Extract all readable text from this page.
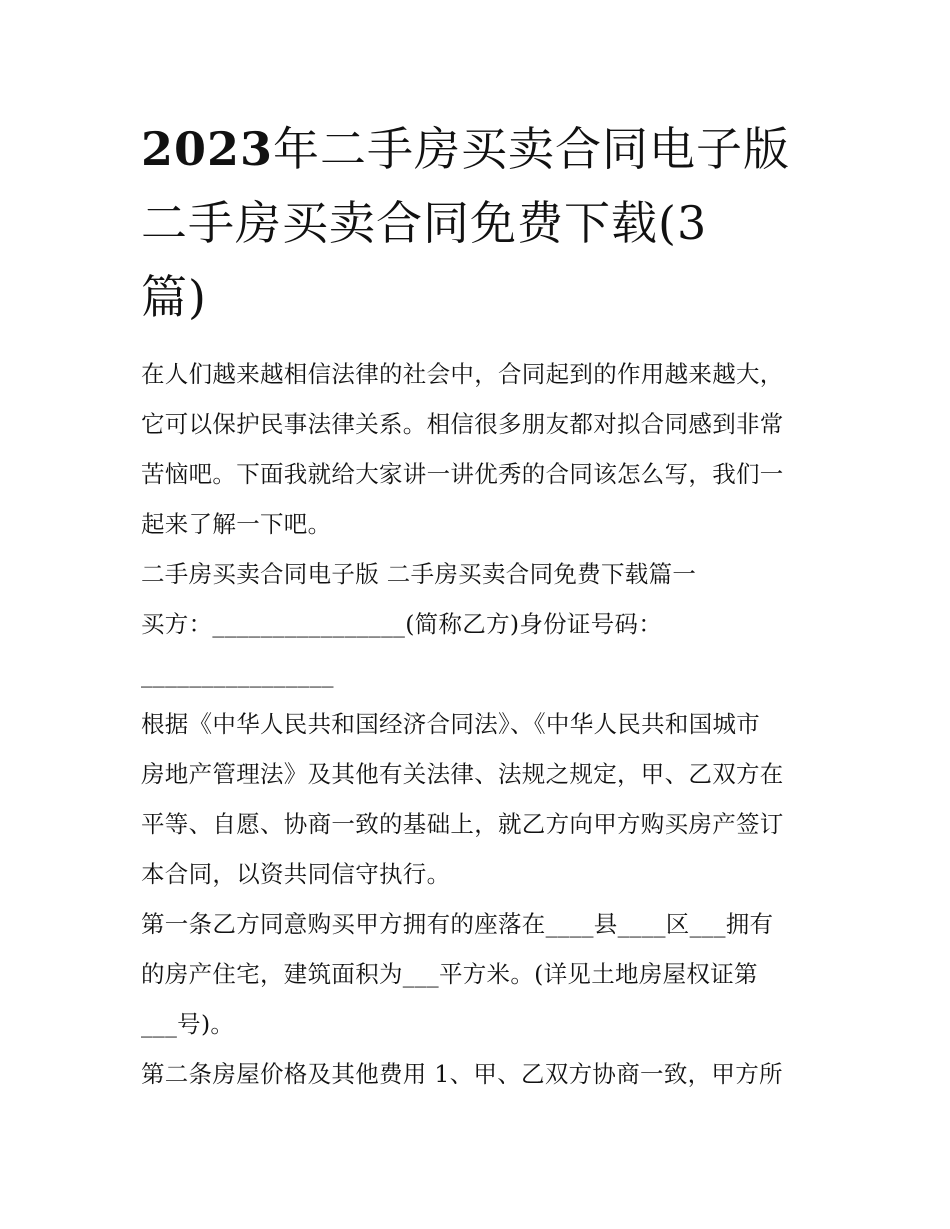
2023年二手房买卖合同电子版
二手房买卖合同免费下载(3
篇)

在人们越来越相信法律的社会中，合同起到的作用越来越大，
它可以保护民事法律关系。相信很多朋友都对拟合同感到非常
苦恼吧。下面我就给大家讲一讲优秀的合同该怎么写，我们一
起来了解一下吧。

二手房买卖合同电子版 二手房买卖合同免费下载篇一

买方：________________(简称乙方)身份证号码：
________________

根据《中华人民共和国经济合同法》、《中华人民共和国城市
房地产管理法》及其他有关法律、法规之规定，甲、乙双方在
平等、自愿、协商一致的基础上，就乙方向甲方购买房产签订
本合同，以资共同信守执行。

第一条乙方同意购买甲方拥有的座落在____县____区___拥有
的房产住宅，建筑面积为___平方米。(详见土地房屋权证第
___号)。

第二条房屋价格及其他费用 1、甲、乙双方协商一致，甲方所
